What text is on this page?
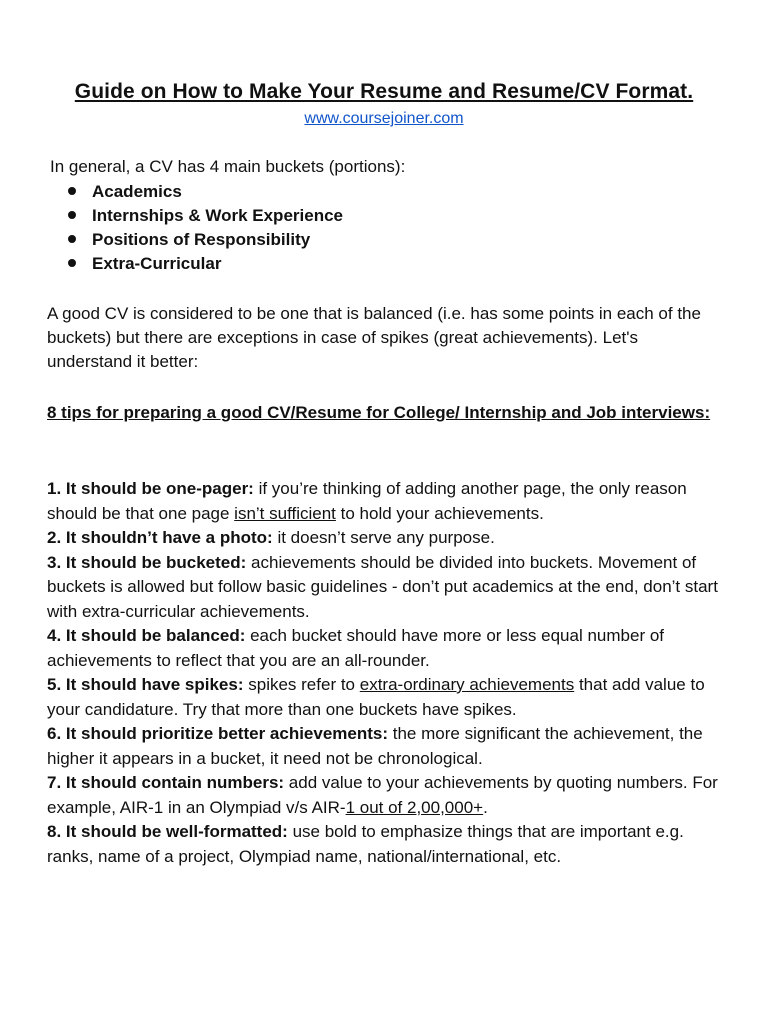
Guide on How to Make Your Resume and Resume/CV Format.
www.coursejoiner.com
In general, a CV has 4 main buckets (portions):
Academics
Internships & Work Experience
Positions of Responsibility
Extra-Curricular

A good CV is considered to be one that is balanced (i.e. has some points in each of the buckets) but there are exceptions in case of spikes (great achievements). Let's understand it better:

8 tips for preparing a good CV/Resume for College/ Internship and Job interviews:

1. It should be one-pager: if you’re thinking of adding another page, the only reason should be that one page isn’t sufficient to hold your achievements.

2. It shouldn’t have a photo: it doesn’t serve any purpose.

3. It should be bucketed: achievements should be divided into buckets. Movement of buckets is allowed but follow basic guidelines - don’t put academics at the end, don’t start with extra-curricular achievements.

4. It should be balanced: each bucket should have more or less equal number of achievements to reflect that you are an all-rounder.

5. It should have spikes: spikes refer to extra-ordinary achievements that add value to your candidature. Try that more than one buckets have spikes.

6. It should prioritize better achievements: the more significant the achievement, the higher it appears in a bucket, it need not be chronological.

7. It should contain numbers: add value to your achievements by quoting numbers. For example, AIR-1 in an Olympiad v/s AIR-1 out of 2,00,000+.

8. It should be well-formatted: use bold to emphasize things that are important e.g. ranks, name of a project, Olympiad name, national/international, etc.
